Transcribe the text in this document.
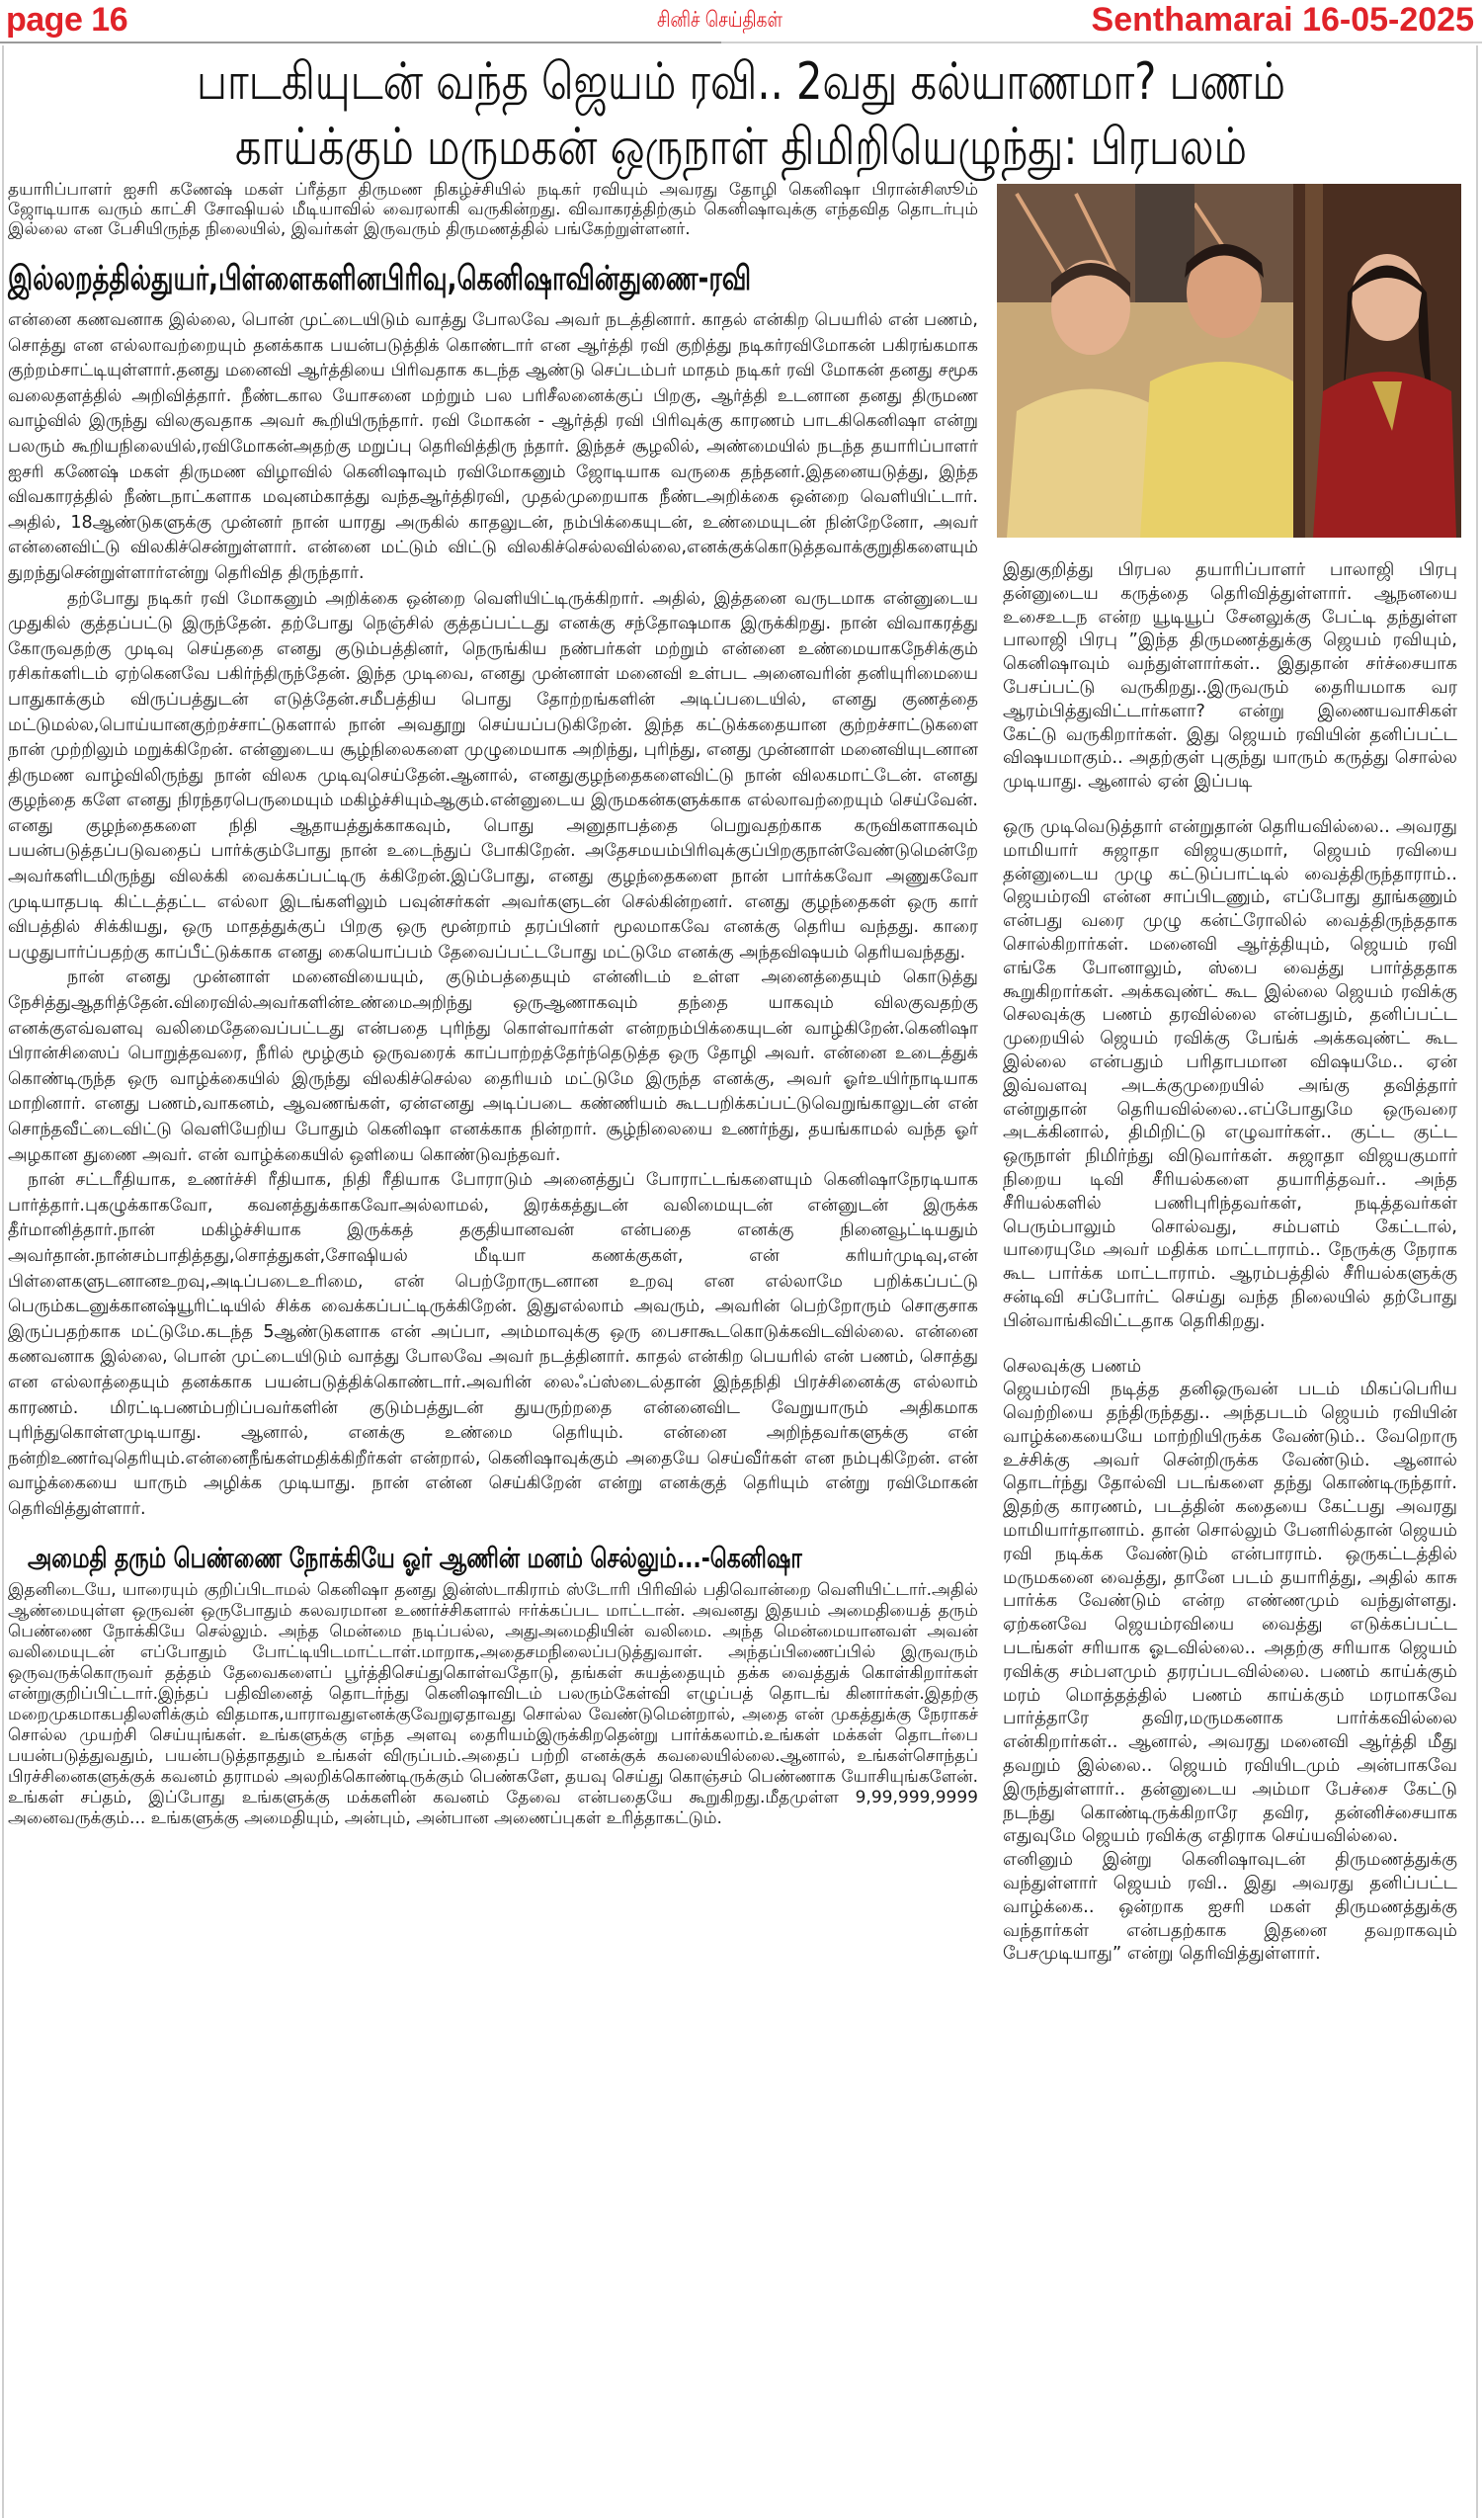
page 16	சினிச் செய்திகள்	Senthamarai 16-05-2025
பாடகியுடன் வந்த ஜெயம் ரவி.. 2வது கல்யாணமா? பணம்
காய்க்கும் மருமகன் ஒருநாள் திமிறியெழுந்து: பிரபலம்

தயாரிப்பாளர் ஐசரி கணேஷ் மகள் ப்ரீத்தா திருமண நிகழ்ச்சியில் நடிகர் ரவியும் அவரது தோழி கெனிஷா பிரான்சிஸூம் ஜோடியாக வரும் காட்சி சோஷியல் மீடியாவில் வைரலாகி வருகின்றது. விவாகரத்திற்கும் கெனிஷாவுக்கு எந்தவித தொடர்பும் இல்லை என பேசியிருந்த நிலையில், இவர்கள் இருவரும் திருமணத்தில் பங்கேற்றுள்ளனர்.

இல்லறத்தில்துயர்,பிள்ளைகளினபிரிவு,கெனிஷாவின்துணை-ரவி

என்னை கணவனாக இல்லை, பொன் முட்டையிடும் வாத்து போலவே அவர் நடத்தினார். காதல் என்கிற பெயரில் என் பணம், சொத்து என எல்லாவற்றையும் தனக்காக பயன்படுத்திக் கொண்டார் என ஆர்த்தி ரவி குறித்து நடிகர்ரவிமோகன் பகிரங்கமாக குற்றம்சாட்டியுள்ளார்.தனது மனைவி ஆர்த்தியை பிரிவதாக கடந்த ஆண்டு செப்டம்பர் மாதம் நடிகர் ரவி மோகன் தனது சமூக வலைதளத்தில் அறிவித்தார். நீண்டகால யோசனை மற்றும் பல பரிசீலனைக்குப் பிறகு, ஆர்த்தி உடனான தனது திருமண வாழ்வில் இருந்து விலகுவதாக அவர் கூறியிருந்தார். ரவி மோகன் - ஆர்த்தி ரவி பிரிவுக்கு காரணம் பாடகிகெனிஷா என்று பலரும் கூறியநிலையில்,ரவிமோகன்அதற்கு மறுப்பு தெரிவித்திரு ந்தார். இந்தச் சூழலில், அண்மையில் நடந்த தயாரிப்பாளர் ஐசரி கணேஷ் மகள் திருமண விழாவில் கெனிஷாவும் ரவிமோகனும் ஜோடியாக வருகை தந்தனர்.இதனையடுத்து, இந்த விவகாரத்தில் நீண்டநாட்களாக மவுனம்காத்து வந்தஆர்த்திரவி, முதல்முறையாக நீண்டஅறிக்கை ஒன்றை வெளியிட்டார். அதில், 18ஆண்டுகளுக்கு முன்னர் நான் யாரது அருகில் காதலுடன், நம்பிக்கையுடன், உண்மையுடன் நின்றேனோ, அவர் என்னைவிட்டு விலகிச்சென்றுள்ளார். என்னை மட்டும் விட்டு விலகிச்செல்லவில்லை,எனக்குக்கொடுத்தவாக்குறுதிகளையும் துறந்துசென்றுள்ளார்என்று தெரிவித திருந்தார்.

தற்போது நடிகர் ரவி மோகனும் அறிக்கை ஒன்றை வெளியிட்டிருக்கிறார். அதில், இத்தனை வருடமாக என்னுடைய முதுகில் குத்தப்பட்டு இருந்தேன். தற்போது நெஞ்சில் குத்தப்பட்டது எனக்கு சந்தோஷமாக இருக்கிறது. நான் விவாகரத்து கோருவதற்கு முடிவு செய்ததை எனது குடும்பத்தினர், நெருங்கிய நண்பர்கள் மற்றும் என்னை உண்மையாகநேசிக்கும் ரசிகர்களிடம் ஏற்கெனவே பகிர்ந்திருந்தேன். இந்த முடிவை, எனது முன்னாள் மனைவி உள்பட அனைவரின் தனியுரிமையை பாதுகாக்கும் விருப்பத்துடன் எடுத்தேன்.சமீபத்திய பொது தோற்றங்களின் அடிப்படையில், எனது குணத்தை மட்டுமல்ல,பொய்யானகுற்றச்சாட்டுகளால் நான் அவதூறு செய்யப்படுகிறேன். இந்த கட்டுக்கதையான குற்றச்சாட்டுகளை நான் முற்றிலும் மறுக்கிறேன். என்னுடைய சூழ்நிலைகளை முழுமையாக அறிந்து, புரிந்து, எனது முன்னாள் மனைவியுடனான திருமண வாழ்விலிருந்து நான் விலக முடிவுசெய்தேன்.ஆனால், எனதுகுழந்தைகளைவிட்டு நான் விலகமாட்டேன். எனது குழந்தை களே எனது நிரந்தரபெருமையும் மகிழ்ச்சியும்ஆகும்.என்னுடைய இருமகன்களுக்காக எல்லாவற்றையும் செய்வேன். எனது குழந்தைகளை நிதி ஆதாயத்துக்காகவும், பொது அனுதாபத்தை பெறுவதற்காக கருவிகளாகவும் பயன்படுத்தப்படுவதைப் பார்க்கும்போது நான் உடைந்துப் போகிறேன். அதேசமயம்பிரிவுக்குப்பிறகுநான்வேண்டுமென்றே அவர்களிடமிருந்து விலக்கி வைக்கப்பட்டிரு க்கிறேன்.இப்போது, எனது குழந்தைகளை நான் பார்க்கவோ அணுகவோ முடியாதபடி கிட்டத்தட்ட எல்லா இடங்களிலும் பவுன்சர்கள் அவர்களுடன் செல்கின்றனர். எனது குழந்தைகள் ஒரு கார் விபத்தில் சிக்கியது, ஒரு மாதத்துக்குப் பிறகு ஒரு மூன்றாம் தரப்பினர் மூலமாகவே எனக்கு தெரிய வந்தது. காரை பழுதுபார்ப்பதற்கு காப்பீட்டுக்காக எனது கையொப்பம் தேவைப்பட்டபோது மட்டுமே எனக்கு அந்தவிஷயம் தெரியவந்தது.

நான் எனது முன்னாள் மனைவியையும், குடும்பத்தையும் என்னிடம் உள்ள அனைத்தையும் கொடுத்து நேசித்துஆதரித்தேன்.விரைவில்அவர்களின்உண்மைஅறிந்து ஒருஆணாகவும் தந்தை யாகவும் விலகுவதற்கு எனக்குஎவ்வளவு வலிமைதேவைப்பட்டது என்பதை புரிந்து கொள்வார்கள் என்றநம்பிக்கையுடன் வாழ்கிறேன்.கெனிஷா பிரான்சிஸைப் பொறுத்தவரை, நீரில் மூழ்கும் ஒருவரைக் காப்பாற்றத்தேர்ந்தெடுத்த ஒரு தோழி அவர். என்னை உடைத்துக் கொண்டிருந்த ஒரு வாழ்க்கையில் இருந்து விலகிச்செல்ல தைரியம் மட்டுமே இருந்த எனக்கு, அவர் ஓர்உயிர்நாடியாக மாறினார். எனது பணம்,வாகனம், ஆவணங்கள், ஏன்எனது அடிப்படை கண்ணியம் கூடபறிக்கப்பட்டுவெறுங்காலுடன் என் சொந்தவீட்டைவிட்டு வெளியேறிய போதும் கெனிஷா எனக்காக நின்றார். சூழ்நிலையை உணர்ந்து, தயங்காமல் வந்த ஓர் அழகான துணை அவர். என் வாழ்க்கையில் ஒளியை கொண்டுவந்தவர்.

நான் சட்டரீதியாக, உணர்ச்சி ரீதியாக, நிதி ரீதியாக போராடும் அனைத்துப் போராட்டங்களையும் கெனிஷாநேரடியாக பார்த்தார்.புகழுக்காகவோ, கவனத்துக்காகவோஅல்லாமல், இரக்கத்துடன் வலிமையுடன் என்னுடன் இருக்க தீர்மானித்தார்.நான் மகிழ்ச்சியாக இருக்கத் தகுதியானவன் என்பதை எனக்கு நினைவூட்டியதும் அவர்தான்.நான்சம்பாதித்தது,சொத்துகள்,சோஷியல் மீடியா கணக்குகள், என் கரியர்முடிவு,என் பிள்ளைகளுடனானஉறவு,அடிப்படைஉரிமை, என் பெற்றோருடனான உறவு என எல்லாமே பறிக்கப்பட்டு பெரும்கடனுக்கானஷ்யூரிட்டியில் சிக்க வைக்கப்பட்டிருக்கிறேன். இதுஎல்லாம் அவரும், அவரின் பெற்றோரும் சொகுசாக இருப்பதற்காக மட்டுமே.கடந்த 5ஆண்டுகளாக என் அப்பா, அம்மாவுக்கு ஒரு பைசாகூடகொடுக்கவிடவில்லை. என்னை கணவனாக இல்லை, பொன் முட்டையிடும் வாத்து போலவே அவர் நடத்தினார். காதல் என்கிற பெயரில் என் பணம், சொத்து என எல்லாத்தையும் தனக்காக பயன்படுத்திக்கொண்டார்.அவரின் லைஃப்ஸ்டைல்தான் இந்தநிதி பிரச்சினைக்கு எல்லாம் காரணம். மிரட்டிபணம்பறிப்பவர்களின் குடும்பத்துடன் துயருற்றதை என்னைவிட வேறுயாரும் அதிகமாக புரிந்துகொள்ளமுடியாது. ஆனால், எனக்கு உண்மை தெரியும். என்னை அறிந்தவர்களுக்கு என் நன்றிஉணர்வுதெரியும்.என்னைநீங்கள்மதிக்கிறீர்கள் என்றால், கெனிஷாவுக்கும் அதையே செய்வீர்கள் என நம்புகிறேன். என் வாழ்க்கையை யாரும் அழிக்க முடியாது. நான் என்ன செய்கிறேன் என்று எனக்குத் தெரியும் என்று ரவிமோகன் தெரிவித்துள்ளார்.

அமைதி தரும் பெண்ணை நோக்கியே ஓர் ஆணின் மனம் செல்லும்...-கெனிஷா

இதனிடையே, யாரையும் குறிப்பிடாமல் கெனிஷா தனது இன்ஸ்டாகிராம் ஸ்டோரி பிரிவில் பதிவொன்றை வெளியிட்டார்.அதில் ஆண்மையுள்ள ஒருவன் ஒருபோதும் கலவரமான உணர்ச்சிகளால் ஈர்க்கப்பட மாட்டான். அவனது இதயம் அமைதியைத் தரும் பெண்ணை நோக்கியே செல்லும். அந்த மென்மை நடிப்பல்ல, அதுஅமைதியின் வலிமை. அந்த மென்மையானவள் அவன் வலிமையுடன் எப்போதும் போட்டியிடமாட்டாள்.மாறாக,அதைசமநிலைப்படுத்துவாள். அந்தப்பிணைப்பில் இருவரும் ஒருவருக்கொருவர் தத்தம் தேவைகளைப் பூர்த்திசெய்துகொள்வதோடு, தங்கள் சுயத்தையும் தக்க வைத்துக் கொள்கிறார்கள் என்றுகுறிப்பிட்டார்.இந்தப் பதிவினைத் தொடர்ந்து கெனிஷாவிடம் பலரும்கேள்வி எழுப்பத் தொடங் கினார்கள்.இதற்கு மறைமுகமாகபதிலளிக்கும் விதமாக,யாராவதுஎனக்குவேறுஏதாவது சொல்ல வேண்டுமென்றால், அதை என் முகத்துக்கு நேராகச் சொல்ல முயற்சி செய்யுங்கள். உங்களுக்கு எந்த அளவு தைரியம்இருக்கிறதென்று பார்க்கலாம்.உங்கள் மக்கள் தொடர்பை பயன்படுத்துவதும், பயன்படுத்தாததும் உங்கள் விருப்பம்.அதைப் பற்றி எனக்குக் கவலையில்லை.ஆனால், உங்கள்சொந்தப் பிரச்சினைகளுக்குக் கவனம் தராமல் அலறிக்கொண்டிருக்கும் பெண்களே, தயவு செய்து கொஞ்சம் பெண்ணாக யோசியுங்களேன். உங்கள் சப்தம், இப்போது உங்களுக்கு மக்களின் கவனம் தேவை என்பதையே கூறுகிறது.மீதமுள்ள 9,99,999,9999 அனைவருக்கும்... உங்களுக்கு அமைதியும், அன்பும், அன்பான அணைப்புகள் உரித்தாகட்டும்.

இதுகுறித்து பிரபல தயாரிப்பாளர் பாலாஜி பிரபு தன்னுடைய கருத்தை தெரிவித்துள்ளார். ஆநனயை உசைஉடந என்ற யூடியூப் சேனலுக்கு பேட்டி தந்துள்ள பாலாஜி பிரபு ”இந்த திருமணத்துக்கு ஜெயம் ரவியும், கெனிஷாவும் வந்துள்ளார்கள்.. இதுதான் சர்ச்சையாக பேசப்பட்டு வருகிறது..இருவரும் தைரியமாக வர ஆரம்பித்துவிட்டார்களா? என்று இணையவாசிகள் கேட்டு வருகிறார்கள். இது ஜெயம் ரவியின் தனிப்பட்ட விஷயமாகும்.. அதற்குள் புகுந்து யாரும் கருத்து சொல்ல முடியாது. ஆனால் ஏன் இப்படி

ஒரு முடிவெடுத்தார் என்றுதான் தெரியவில்லை.. அவரது மாமியார் சுஜாதா விஜயகுமார், ஜெயம் ரவியை தன்னுடைய முழு கட்டுப்பாட்டில் வைத்திருந்தாராம்.. ஜெயம்ரவி என்ன சாப்பிடணும், எப்போது தூங்கணும் என்பது வரை முழு கன்ட்ரோலில் வைத்திருந்ததாக சொல்கிறார்கள். மனைவி ஆர்த்தியும், ஜெயம் ரவி எங்கே போனாலும், ஸ்பை வைத்து பார்த்ததாக கூறுகிறார்கள். அக்கவுண்ட் கூட இல்லை ஜெயம் ரவிக்கு செலவுக்கு பணம் தரவில்லை என்பதும், தனிப்பட்ட முறையில் ஜெயம் ரவிக்கு பேங்க் அக்கவுண்ட் கூட இல்லை என்பதும் பரிதாபமான விஷயமே.. ஏன் இவ்வளவு அடக்குமுறையில் அங்கு தவித்தார் என்றுதான் தெரியவில்லை..எப்போதுமே ஒருவரை அடக்கினால், திமிறிட்டு எழுவார்கள்.. குட்ட குட்ட ஒருநாள் நிமிர்ந்து விடுவார்கள். சுஜாதா விஜயகுமார் நிறைய டிவி சீரியல்களை தயாரித்தவர்.. அந்த சீரியல்களில் பணிபுரிந்தவர்கள், நடித்தவர்கள் பெரும்பாலும் சொல்வது, சம்பளம் கேட்டால், யாரையுமே அவர் மதிக்க மாட்டாராம்.. நேருக்கு நேராக கூட பார்க்க மாட்டாராம். ஆரம்பத்தில் சீரியல்களுக்கு சன்டிவி சப்போர்ட் செய்து வந்த நிலையில் தற்போது பின்வாங்கிவிட்டதாக தெரிகிறது.

செலவுக்கு பணம்

ஜெயம்ரவி நடித்த தனிஒருவன் படம் மிகப்பெரிய வெற்றியை தந்திருந்தது.. அந்தபடம் ஜெயம் ரவியின் வாழ்க்கையையே மாற்றியிருக்க வேண்டும்.. வேறொரு உச்சிக்கு அவர் சென்றிருக்க வேண்டும். ஆனால் தொடர்ந்து தோல்வி படங்களை தந்து கொண்டிருந்தார். இதற்கு காரணம், படத்தின் கதையை கேட்பது அவரது மாமியார்தானாம். தான் சொல்லும் பேனரில்தான் ஜெயம் ரவி நடிக்க வேண்டும் என்பாராம். ஒருகட்டத்தில் மருமகனை வைத்து, தானே படம் தயாரித்து, அதில் காசு பார்க்க வேண்டும் என்ற எண்ணமும் வந்துள்ளது. ஏற்கனவே ஜெயம்ரவியை வைத்து எடுக்கப்பட்ட படங்கள் சரியாக ஓடவில்லை.. அதற்கு சரியாக ஜெயம் ரவிக்கு சம்பளமும் தரரப்படவில்லை. பணம் காய்க்கும் மரம் மொத்தத்தில் பணம் காய்க்கும் மரமாகவே பார்த்தாரே தவிர,மருமகனாக பார்க்கவில்லை என்கிறார்கள்.. ஆனால், அவரது மனைவி ஆர்த்தி மீது தவறும் இல்லை.. ஜெயம் ரவியிடமும் அன்பாகவே இருந்துள்ளார்.. தன்னுடைய அம்மா பேச்சை கேட்டு நடந்து கொண்டிருக்கிறாரே தவிர, தன்னிச்சையாக எதுவுமே ஜெயம் ரவிக்கு எதிராக செய்யவில்லை.

எனினும் இன்று கெனிஷாவுடன் திருமணத்துக்கு வந்துள்ளார் ஜெயம் ரவி.. இது அவரது தனிப்பட்ட வாழ்க்கை.. ஒன்றாக ஐசரி மகள் திருமணத்துக்கு வந்தார்கள் என்பதற்காக இதனை தவறாகவும் பேசமுடியாது” என்று தெரிவித்துள்ளார்.
